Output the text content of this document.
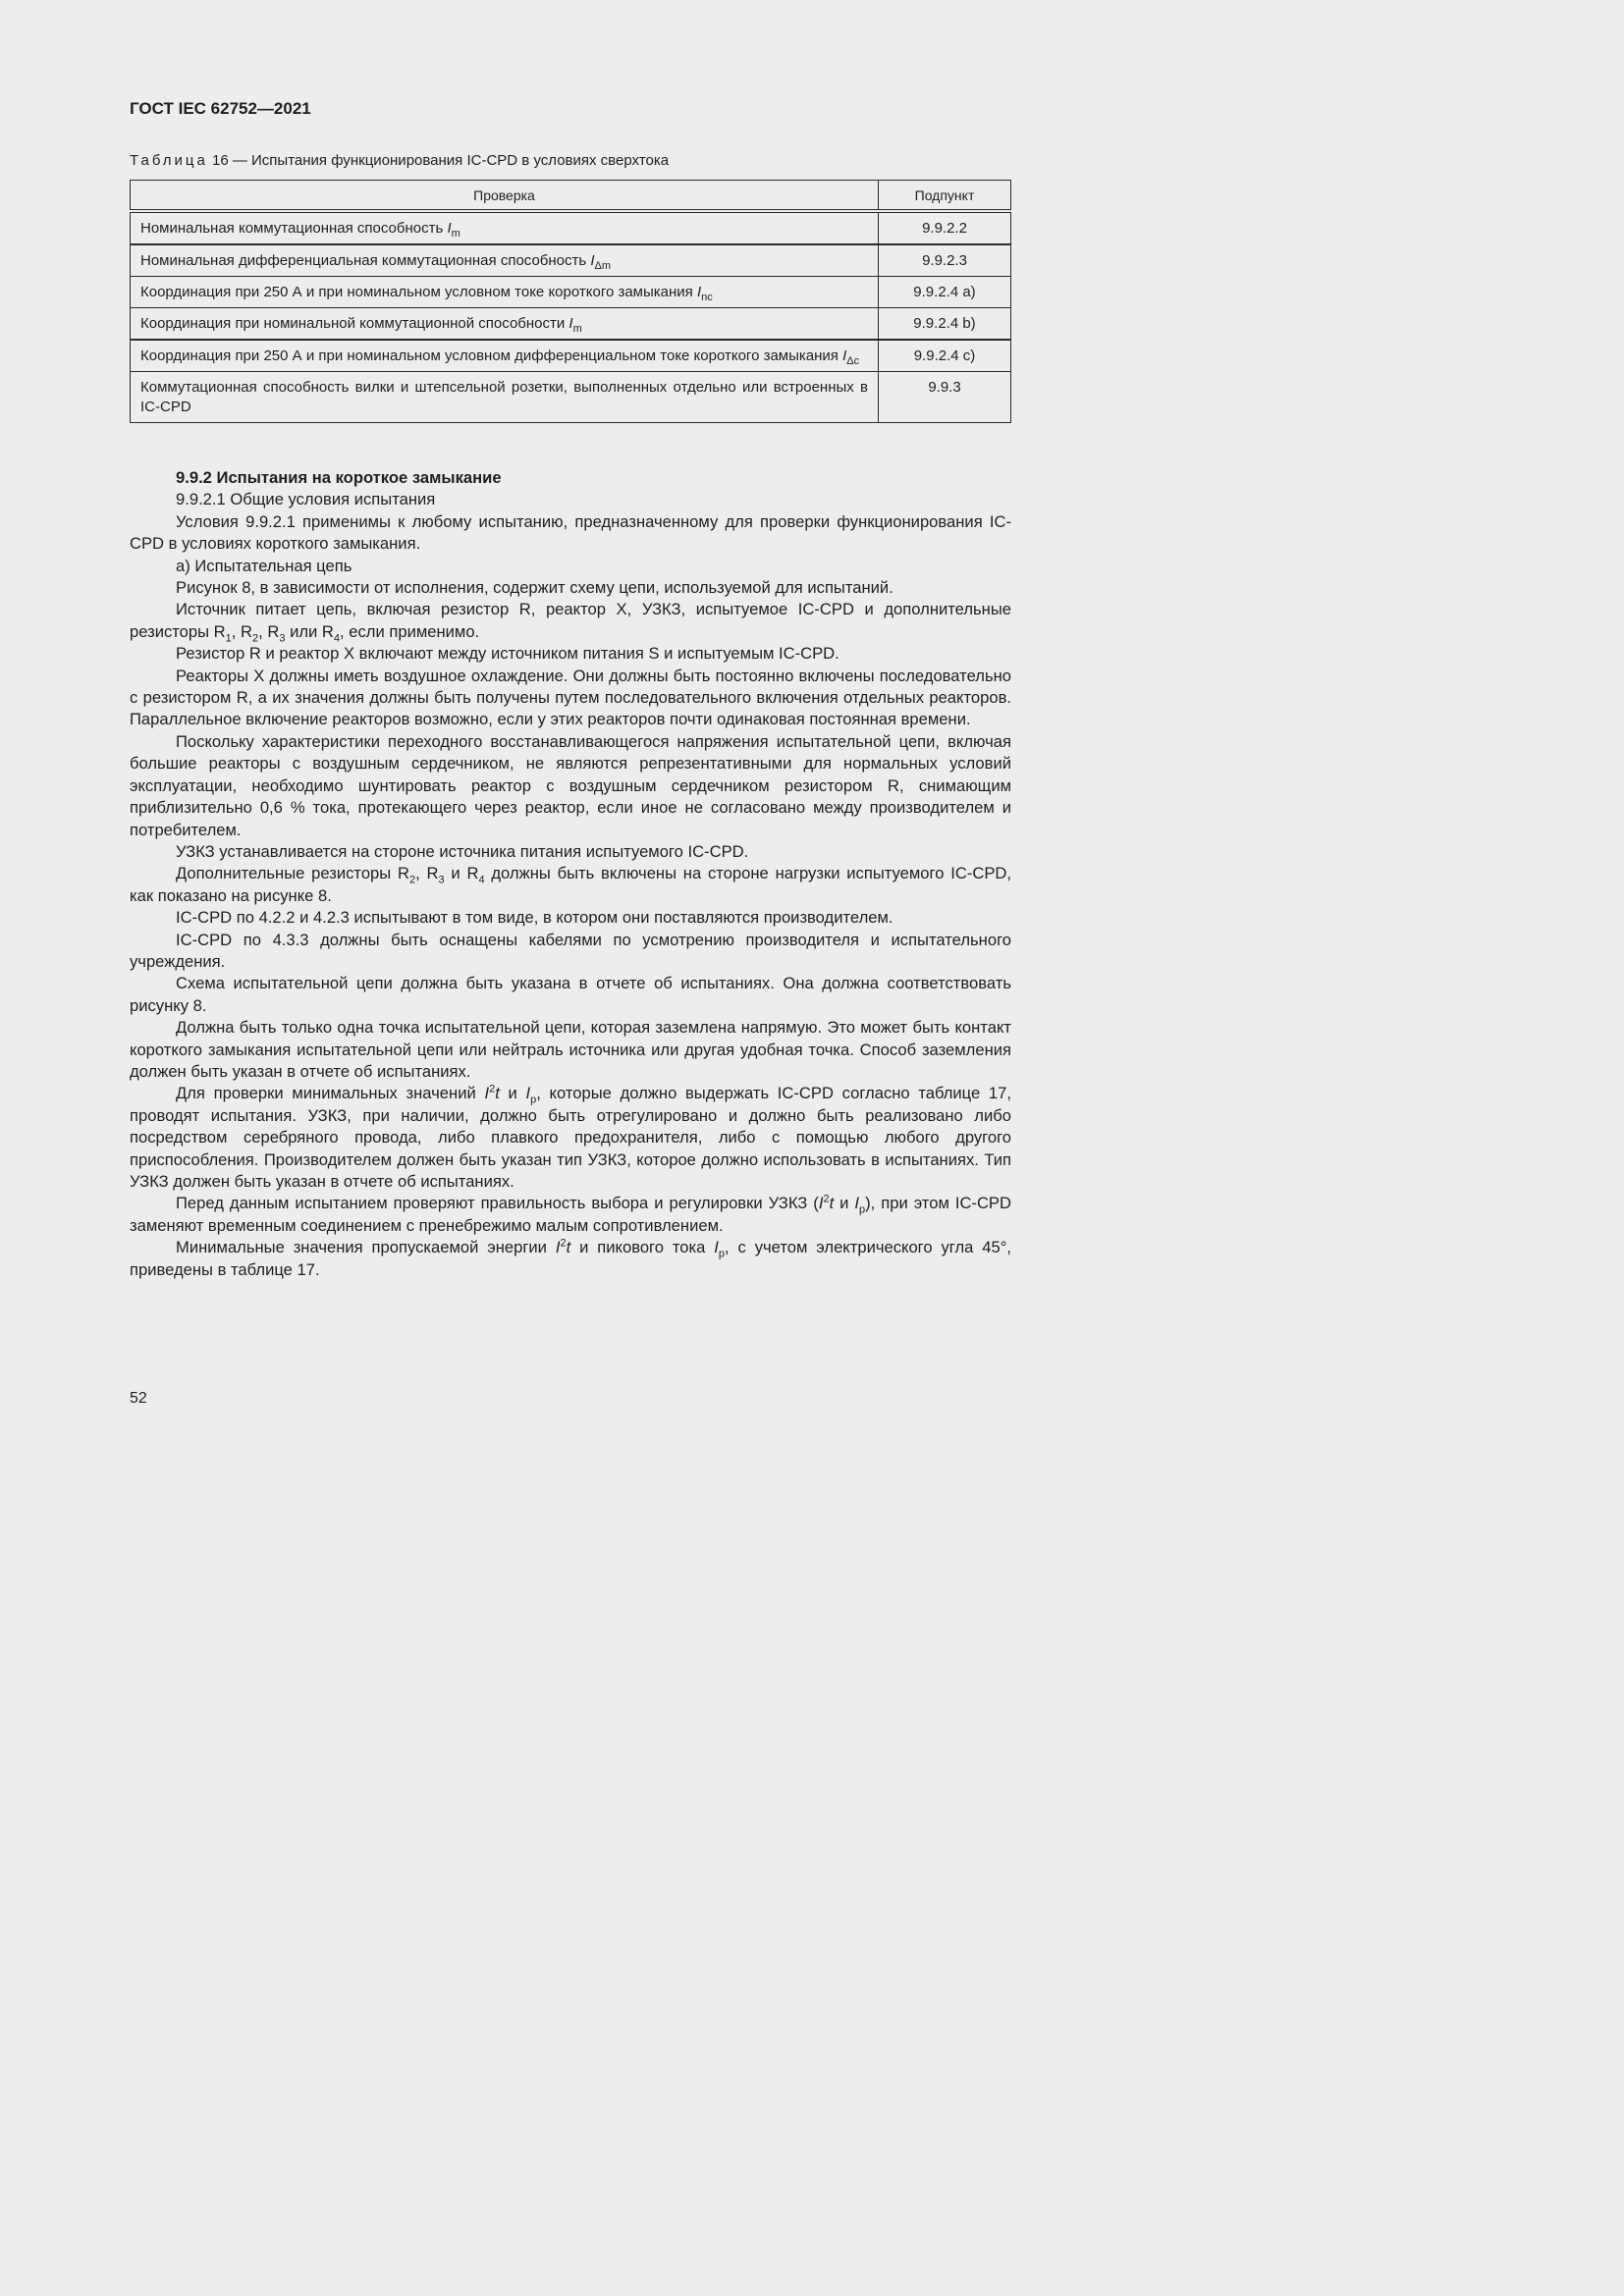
ГОСТ IEC 62752—2021
Таблица 16 — Испытания функционирования IC-CPD в условиях сверхтока
Проверка	Подпункт
Номинальная коммутационная способность $I_m$	9.9.2.2
Номинальная дифференциальная коммутационная способность $I_{\Delta m}$	9.9.2.3
Координация при 250 А и при номинальном условном токе короткого замыкания $I_{nc}$	9.9.2.4 a)
Координация при номинальной коммутационной способности $I_m$	9.9.2.4 b)
Координация при 250 А и при номинальном условном дифференциальном токе короткого замыкания $I_{\Delta c}$	9.9.2.4 c)
Коммутационная способность вилки и штепсельной розетки, выполненных отдельно или встроенных в IC-CPD	9.9.3

9.9.2 Испытания на короткое замыкание

9.9.2.1 Общие условия испытания

Условия 9.9.2.1 применимы к любому испытанию, предназначенному для проверки функционирования IC-CPD в условиях короткого замыкания.

а) Испытательная цепь

Рисунок 8, в зависимости от исполнения, содержит схему цепи, используемой для испытаний.

Источник питает цепь, включая резистор R, реактор X, УЗКЗ, испытуемое IC-CPD и дополнительные резисторы $R_1$, $R_2$, $R_3$ или $R_4$, если применимо.

Резистор R и реактор X включают между источником питания S и испытуемым IC-CPD.

Реакторы X должны иметь воздушное охлаждение. Они должны быть постоянно включены последовательно с резистором R, а их значения должны быть получены путем последовательного включения отдельных реакторов. Параллельное включение реакторов возможно, если у этих реакторов почти одинаковая постоянная времени.

Поскольку характеристики переходного восстанавливающегося напряжения испытательной цепи, включая большие реакторы с воздушным сердечником, не являются репрезентативными для нормальных условий эксплуатации, необходимо шунтировать реактор с воздушным сердечником резистором R, снимающим приблизительно 0,6 % тока, протекающего через реактор, если иное не согласовано между производителем и потребителем.

УЗКЗ устанавливается на стороне источника питания испытуемого IC-CPD.

Дополнительные резисторы $R_2$, $R_3$ и $R_4$ должны быть включены на стороне нагрузки испытуемого IC-CPD, как показано на рисунке 8.

IC-CPD по 4.2.2 и 4.2.3 испытывают в том виде, в котором они поставляются производителем.

IC-CPD по 4.3.3 должны быть оснащены кабелями по усмотрению производителя и испытательного учреждения.

Схема испытательной цепи должна быть указана в отчете об испытаниях. Она должна соответствовать рисунку 8.

Должна быть только одна точка испытательной цепи, которая заземлена напрямую. Это может быть контакт короткого замыкания испытательной цепи или нейтраль источника или другая удобная точка. Способ заземления должен быть указан в отчете об испытаниях.

Для проверки минимальных значений $I^2t$ и $I_p$, которые должно выдержать IC-CPD согласно таблице 17, проводят испытания. УЗКЗ, при наличии, должно быть отрегулировано и должно быть реализовано либо посредством серебряного провода, либо плавкого предохранителя, либо с помощью любого другого приспособления. Производителем должен быть указан тип УЗКЗ, которое должно использовать в испытаниях. Тип УЗКЗ должен быть указан в отчете об испытаниях.

Перед данным испытанием проверяют правильность выбора и регулировки УЗКЗ ($I^2t$ и $I_p$), при этом IC-CPD заменяют временным соединением с пренебрежимо малым сопротивлением.

Минимальные значения пропускаемой энергии $I^2t$ и пикового тока $I_p$, с учетом электрического угла 45°, приведены в таблице 17.

52
